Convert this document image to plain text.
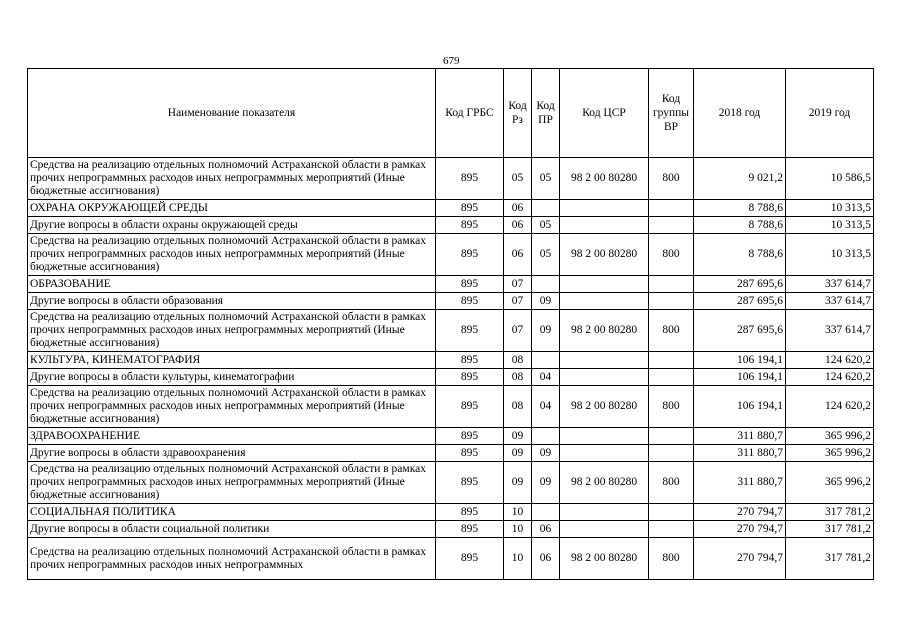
679
Наименование показателя	Код ГРБС	Код Рз	Код ПР	Код ЦСР	Код группы ВР	2018 год	2019 год
Средства на реализацию отдельных полномочий Астраханской области в рамках прочих непрограммных расходов иных непрограммных мероприятий (Иные бюджетные ассигнования)	895	05	05	98 2 00 80280	800	9 021,2	10 586,5
ОХРАНА ОКРУЖАЮЩЕЙ СРЕДЫ	895	06				8 788,6	10 313,5
Другие вопросы в области охраны окружающей среды	895	06	05			8 788,6	10 313,5
Средства на реализацию отдельных полномочий Астраханской области в рамках прочих непрограммных расходов иных непрограммных мероприятий (Иные бюджетные ассигнования)	895	06	05	98 2 00 80280	800	8 788,6	10 313,5
ОБРАЗОВАНИЕ	895	07				287 695,6	337 614,7
Другие вопросы в области образования	895	07	09			287 695,6	337 614,7
Средства на реализацию отдельных полномочий Астраханской области в рамках прочих непрограммных расходов иных непрограммных мероприятий (Иные бюджетные ассигнования)	895	07	09	98 2 00 80280	800	287 695,6	337 614,7
КУЛЬТУРА, КИНЕМАТОГРАФИЯ	895	08				106 194,1	124 620,2
Другие вопросы в области культуры, кинематографии	895	08	04			106 194,1	124 620,2
Средства на реализацию отдельных полномочий Астраханской области в рамках прочих непрограммных расходов иных непрограммных мероприятий (Иные бюджетные ассигнования)	895	08	04	98 2 00 80280	800	106 194,1	124 620,2
ЗДРАВООХРАНЕНИЕ	895	09				311 880,7	365 996,2
Другие вопросы в области здравоохранения	895	09	09			311 880,7	365 996,2
Средства на реализацию отдельных полномочий Астраханской области в рамках прочих непрограммных расходов иных непрограммных мероприятий (Иные бюджетные ассигнования)	895	09	09	98 2 00 80280	800	311 880,7	365 996,2
СОЦИАЛЬНАЯ ПОЛИТИКА	895	10				270 794,7	317 781,2
Другие вопросы в области социальной политики	895	10	06			270 794,7	317 781,2
Средства на реализацию отдельных полномочий Астраханской области в рамках прочих непрограммных расходов иных непрограммных	895	10	06	98 2 00 80280	800	270 794,7	317 781,2
